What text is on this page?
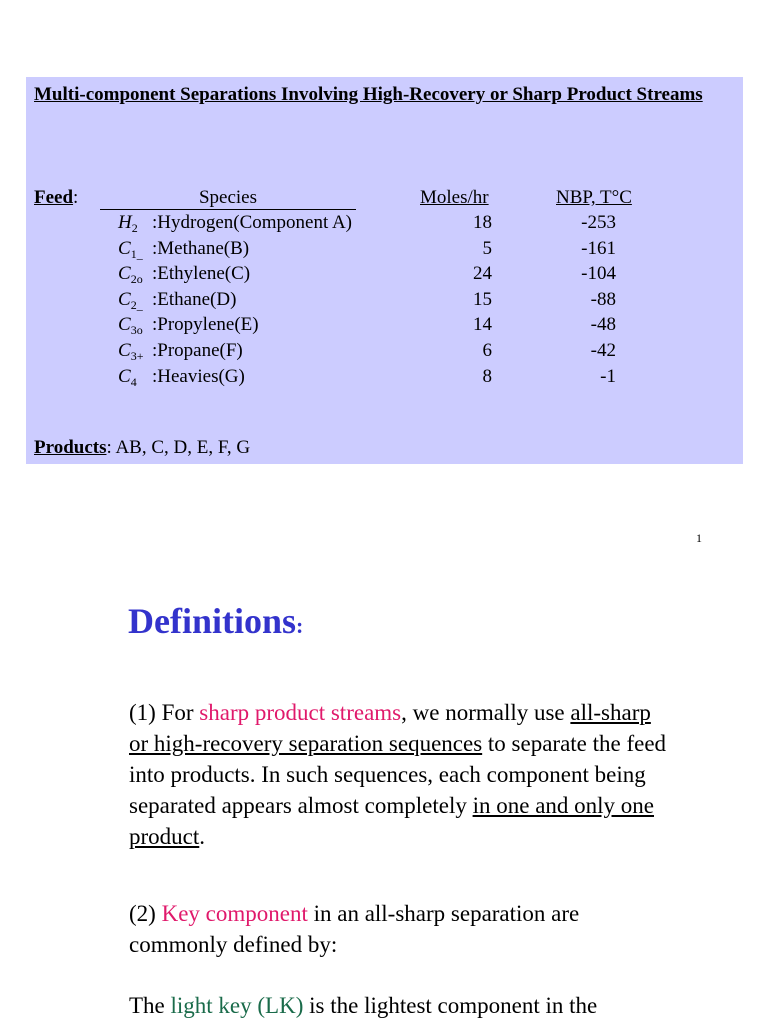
Multi-component Separations Involving High-Recovery or Sharp Product Streams
Feed:	Species	Moles/hr	NBP, T°C
$H_2$ :Hydrogen(Component A)	18	-253
$C_{1\_}$ :Methane(B)	5	-161
$C_{2o}$ :Ethylene(C)	24	-104
$C_{2\_}$ :Ethane(D)	15	-88
$C_{3o}$ :Propylene(E)	14	-48
$C_{3+}$ :Propane(F)	6	-42
$C_4$ :Heavies(G)	8	-1
Products: AB, C, D, E, F, G
1
Definitions:
(1) For sharp product streams, we normally use all-sharp or high-recovery separation sequences to separate the feed into products. In such sequences, each component being separated appears almost completely in one and only one product.
(2) Key component in an all-sharp separation are commonly defined by:
The light key (LK) is the lightest component in the
